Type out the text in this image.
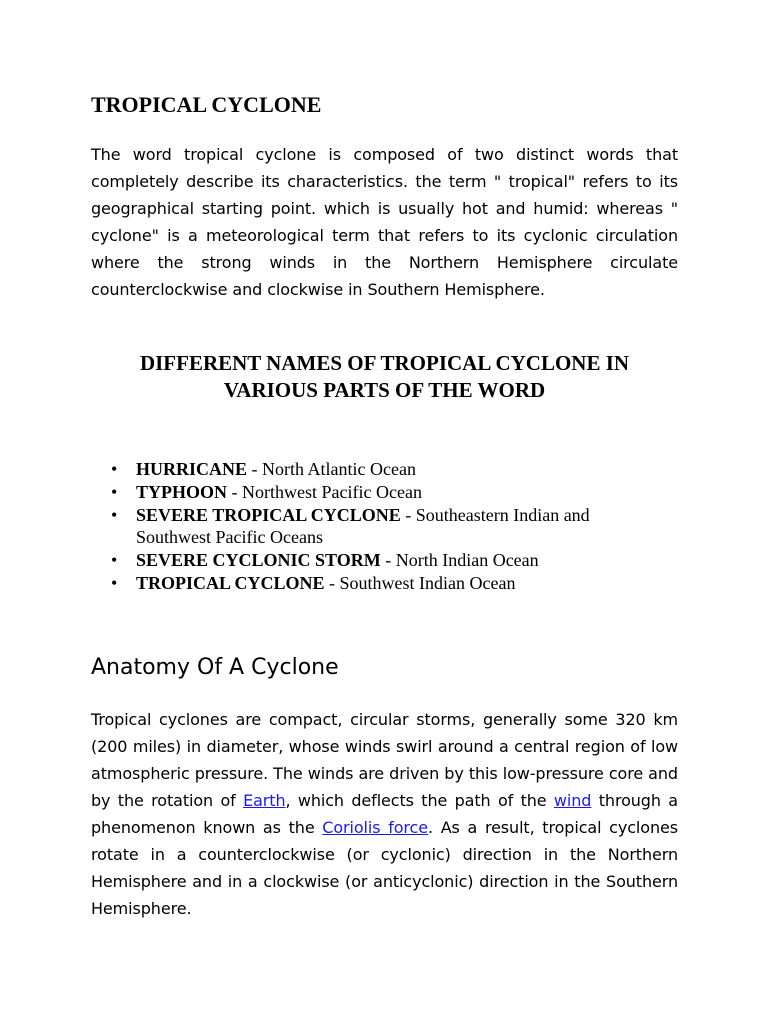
TROPICAL CYCLONE

The word tropical cyclone is composed of two distinct words that completely describe its characteristics. the term " tropical" refers to its geographical starting point. which is usually hot and humid: whereas " cyclone" is a meteorological term that refers to its cyclonic circulation where the strong winds in the Northern Hemisphere circulate counterclockwise and clockwise in Southern Hemisphere.

DIFFERENT NAMES OF TROPICAL CYCLONE IN VARIOUS PARTS OF THE WORD
• HURRICANE - North Atlantic Ocean
• TYPHOON - Northwest Pacific Ocean
• SEVERE TROPICAL CYCLONE - Southeastern Indian and Southwest Pacific Oceans
• SEVERE CYCLONIC STORM - North Indian Ocean
• TROPICAL CYCLONE - Southwest Indian Ocean
Anatomy Of A Cyclone

Tropical cyclones are compact, circular storms, generally some 320 km (200 miles) in diameter, whose winds swirl around a central region of low atmospheric pressure. The winds are driven by this low-pressure core and by the rotation of Earth, which deflects the path of the wind through a phenomenon known as the Coriolis force. As a result, tropical cyclones rotate in a counterclockwise (or cyclonic) direction in the Northern Hemisphere and in a clockwise (or anticyclonic) direction in the Southern Hemisphere.
